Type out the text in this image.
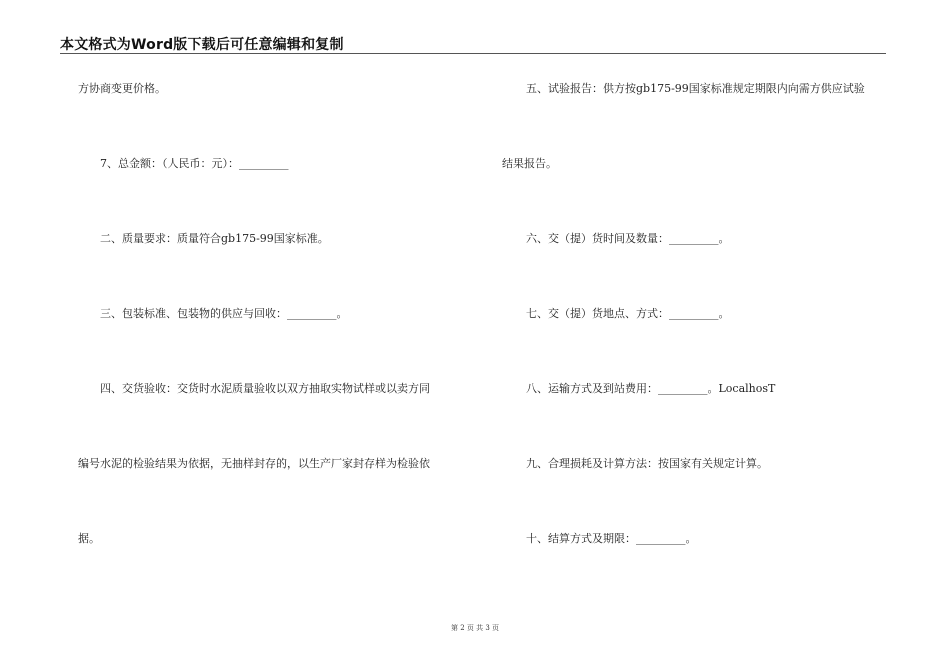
本文格式为Word版下载后可任意编辑和复制
方协商变更价格。
7、总金额：（人民币：元）：_________
二、质量要求：质量符合gb175-99国家标准。
三、包装标准、包装物的供应与回收：_________。
四、交货验收：交货时水泥质量验收以双方抽取实物试样或以卖方同
编号水泥的检验结果为依据，无抽样封存的，以生产厂家封存样为检验依
据。
五、试验报告：供方按gb175-99国家标准规定期限内向需方供应试验
结果报告。
六、交（提）货时间及数量：_________。
七、交（提）货地点、方式：_________。
八、运输方式及到站费用：_________。LocalhosT
九、合理损耗及计算方法：按国家有关规定计算。
十、结算方式及期限：_________。
第 2 页 共 3 页
